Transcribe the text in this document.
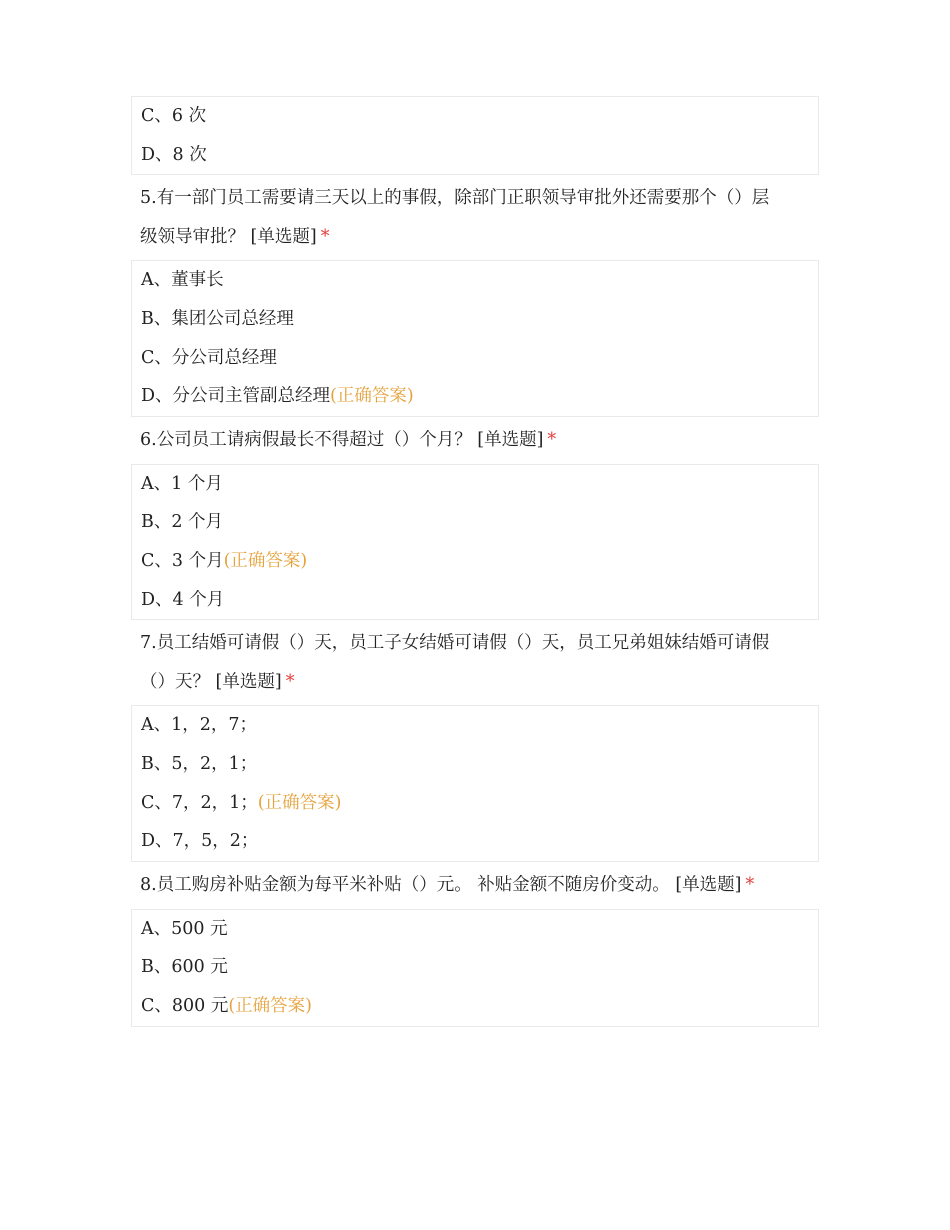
C、6 次
D、8 次
5.有一部门员工需要请三天以上的事假，除部门正职领导审批外还需要那个（）层
级领导审批？ [单选题] *
A、董事长
B、集团公司总经理
C、分公司总经理
D、分公司主管副总经理(正确答案)
6.公司员工请病假最长不得超过（）个月？ [单选题] *
A、1 个月
B、2 个月
C、3 个月(正确答案)
D、4 个月
7.员工结婚可请假（）天，员工子女结婚可请假（）天，员工兄弟姐妹结婚可请假
（）天？ [单选题] *
A、1，2，7；
B、5，2，1；
C、7，2，1；(正确答案)
D、7，5，2；
8.员工购房补贴金额为每平米补贴（）元。 补贴金额不随房价变动。 [单选题] *
A、500 元
B、600 元
C、800 元(正确答案)
